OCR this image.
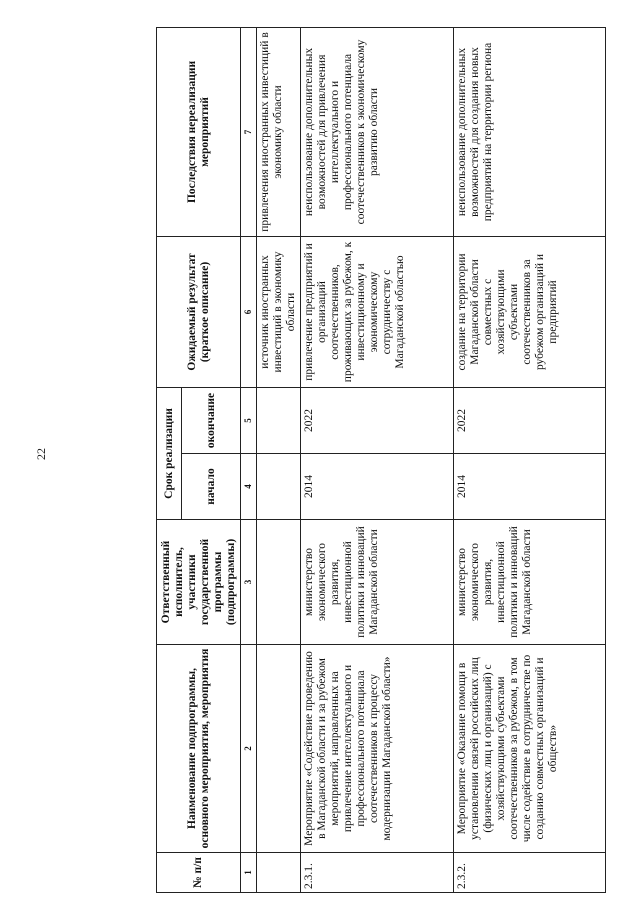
22
№ п/п	Наименование подпрограммы, основного мероприятия, мероприятия	Ответственный исполнитель, участники государственной программы (подпрограммы)	Срок реализации		Ожидаемый результат (краткое описание)	Последствия нереализации мероприятий
			начало	окончание		
1	2	3	4	5	6	7
					источник иностранных инвестиций в экономику области	привлечения иностранных инвестиций в экономику области
2.3.1.	Мероприятие «Содействие проведению в Магаданской области и за рубежом мероприятий, направленных на привлечение интеллектуального и профессионального потенциала соотечественников к процессу модернизации Магаданской области»	министерство экономического развития, инвестиционной политики и инноваций Магаданской области	2014	2022	привлечение предприятий и организаций соотечественников, проживающих за рубежом, к инвестиционному и экономическому сотрудничеству с Магаданской областью	неиспользование дополнительных возможностей для привлечения интеллектуального и профессионального потенциала соотечественников к экономическому развитию области
2.3.2.	Мероприятие «Оказание помощи в установлении связей российских лиц (физических лиц и организаций) с хозяйствующими субъектами соотечественников за рубежом, в том числе содействие в сотрудничестве по созданию совместных организаций и обществ»	министерство экономического развития, инвестиционной политики и инноваций Магаданской области	2014	2022	создание на территории Магаданской области совместных с хозяйствующими субъектами соотечественников за рубежом организаций и предприятий	неиспользование дополнительных возможностей для создания новых предприятий на территории региона
